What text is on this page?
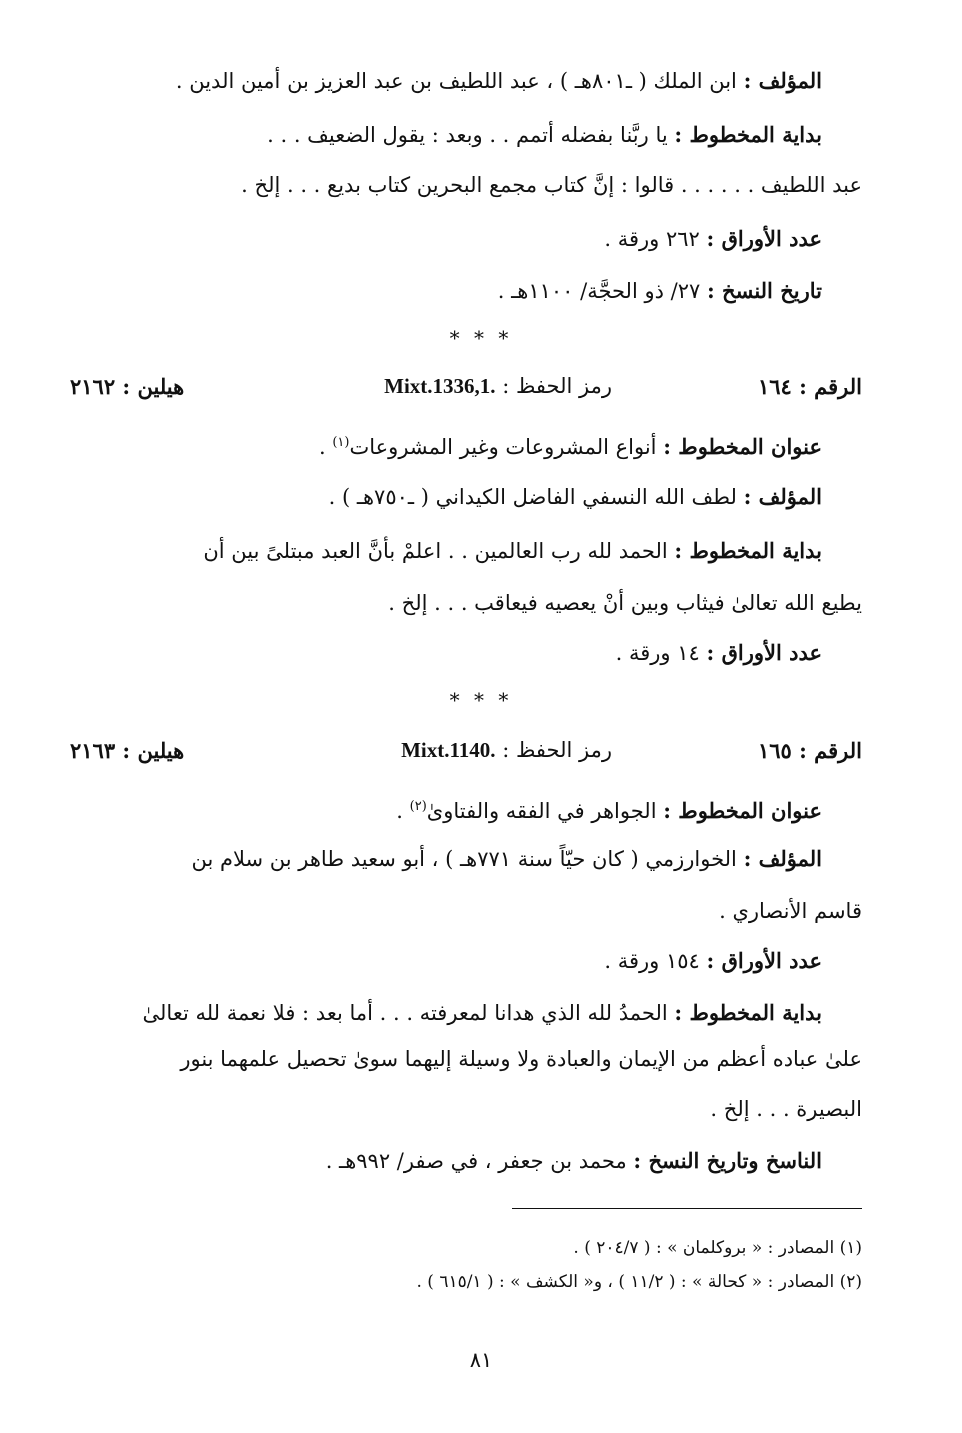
المؤلف : ابن الملك ( ـ٨٠١هـ ) ، عبد اللطيف بن عبد العزيز بن أمين الدين .
بداية المخطوط : يا ربَّنا بفضله أتمم . . وبعد : يقول الضعيف . . .
عبد اللطيف . . . . . . قالوا : إنَّ كتاب مجمع البحرين كتاب بديع . . . إلخ .
عدد الأوراق : ٢٦٢ ورقة .
تاريخ النسخ : ٢٧/ ذو الحجَّة/ ١١٠٠هـ .
* * *
الرقم : ١٦٤
رمز الحفظ : Mixt.1336,1.
هيلين : ٢١٦٢
عنوان المخطوط : أنواع المشروعات وغير المشروعات$^{(١)}$ .
المؤلف : لطف الله النسفي الفاضل الكيداني ( ـ٧٥٠هـ ) .
بداية المخطوط : الحمد لله رب العالمين . . اعلمْ بأنَّ العبد مبتلىً بين أن
يطيع الله تعالىٰ فيثاب وبين أنْ يعصيه فيعاقب . . . إلخ .
عدد الأوراق : ١٤ ورقة .
* * *
الرقم : ١٦٥
رمز الحفظ : Mixt.1140.
هيلين : ٢١٦٣
عنوان المخطوط : الجواهر في الفقه والفتاوىٰ$^{(٢)}$ .
المؤلف : الخوارزمي ( كان حيّاً سنة ٧٧١هـ ) ، أبو سعيد طاهر بن سلام بن
قاسم الأنصاري .
عدد الأوراق : ١٥٤ ورقة .
بداية المخطوط : الحمدُ لله الذي هدانا لمعرفته . . . أما بعد : فلا نعمة لله تعالىٰ
علىٰ عباده أعظم من الإيمان والعبادة ولا وسيلة إليهما سوىٰ تحصيل علمهما بنور
البصيرة . . . إلخ .
الناسخ وتاريخ النسخ : محمد بن جعفر ، في صفر/ ٩٩٢هـ .
(١) المصادر : « بروكلمان » : ( ٢٠٤/٧ ) .
(٢) المصادر : « كحالة » : ( ١١/٢ ) ، و« الكشف » : ( ٦١٥/١ ) .
٨١
